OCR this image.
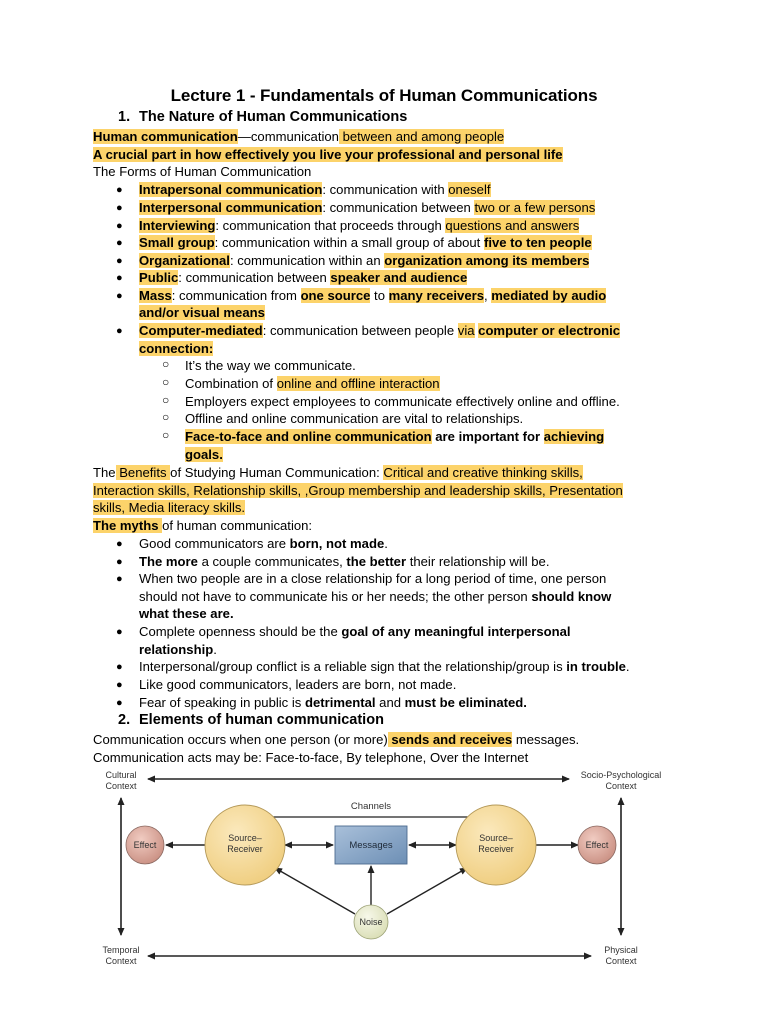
Lecture 1 - Fundamentals of Human Communications
1. The Nature of Human Communications
Human communication—communication between and among people
A crucial part in how effectively you live your professional and personal life
The Forms of Human Communication
● Intrapersonal communication: communication with oneself
● Interpersonal communication: communication between two or a few persons
● Interviewing: communication that proceeds through questions and answers
● Small group: communication within a small group of about five to ten people
● Organizational: communication within an organization among its members
● Public: communication between speaker and audience
● Mass: communication from one source to many receivers, mediated by audio
and/or visual means
● Computer-mediated: communication between people via computer or electronic
connection:
○ It’s the way we communicate.
○ Combination of online and offline interaction
○ Employers expect employees to communicate effectively online and offline.
○ Offline and online communication are vital to relationships.
○ Face-to-face and online communication are important for achieving
goals.
The Benefits of Studying Human Communication: Critical and creative thinking skills,
Interaction skills, Relationship skills, ,Group membership and leadership skills, Presentation
skills, Media literacy skills.
The myths of human communication:
● Good communicators are born, not made.
● The more a couple communicates, the better their relationship will be.
● When two people are in a close relationship for a long period of time, one person
should not have to communicate his or her needs; the other person should know
what these are.
● Complete openness should be the goal of any meaningful interpersonal
relationship.
● Interpersonal/group conflict is a reliable sign that the relationship/group is in trouble.
● Like good communicators, leaders are born, not made.
● Fear of speaking in public is detrimental and must be eliminated.
2. Elements of human communication
Communication occurs when one person (or more) sends and receives messages.
Communication acts may be: Face-to-face, By telephone, Over the Internet
Cultural Context
Socio-Psychological Context
Temporal Context
Physical Context
Channels
Effect	Effect
Source– Receiver
Source– Receiver
Messages
Noise
